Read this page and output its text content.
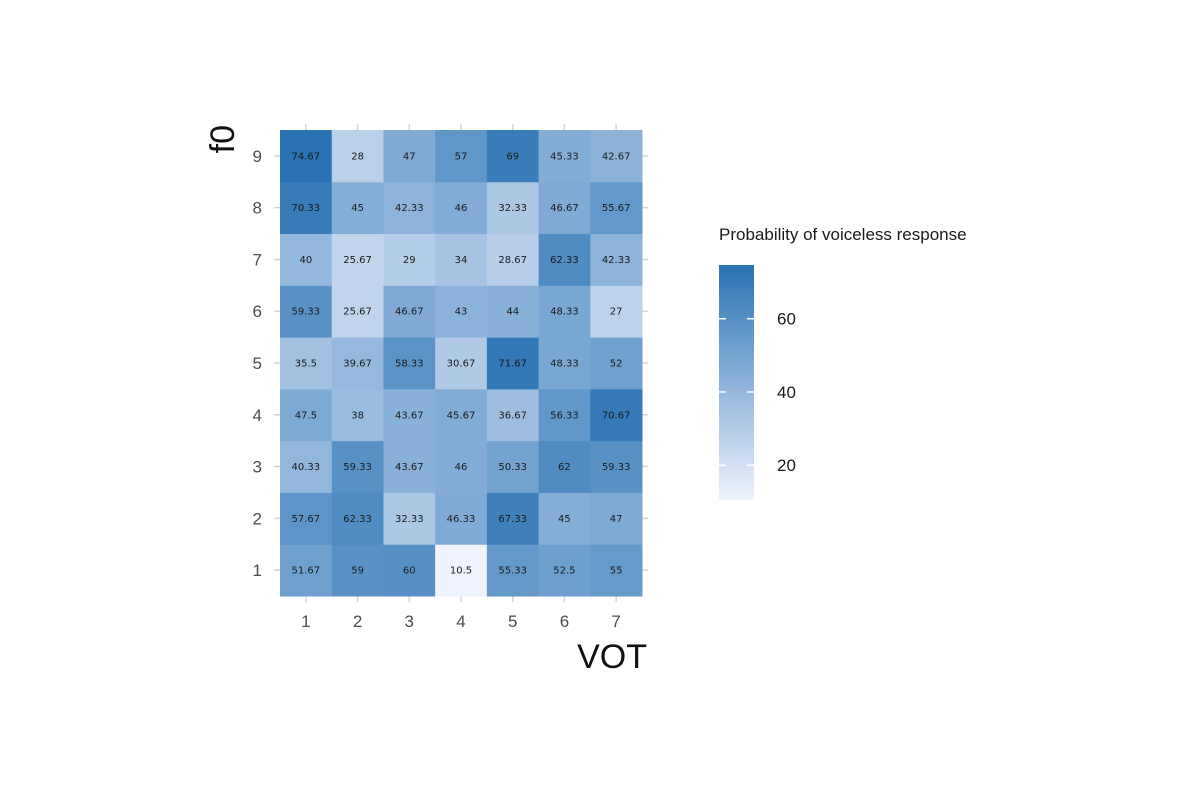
51.67	59	60	10.5	55.33	52.5	55
57.67 62.33 32.33 46.33 67.33	45	47
40.33 59.33 43.67	46	50.33	62	59.33
47.5	38	43.67 45.67 36.67 56.33 70.67
35.5	39.67 58.33 30.67 71.67 48.33	52
59.33 25.67 46.67	43	44	48.33	27
40	25.67	29	34	28.67 62.33 42.33
70.33	45	42.33	46	32.33 46.67 55.67
74.67	28	47	57	69	45.33 42.67
1 2 3 4 5 6 7
1
2
3
4
5
6
7
8
9
VOT
f0
Probability of voiceless response
20
40
60
